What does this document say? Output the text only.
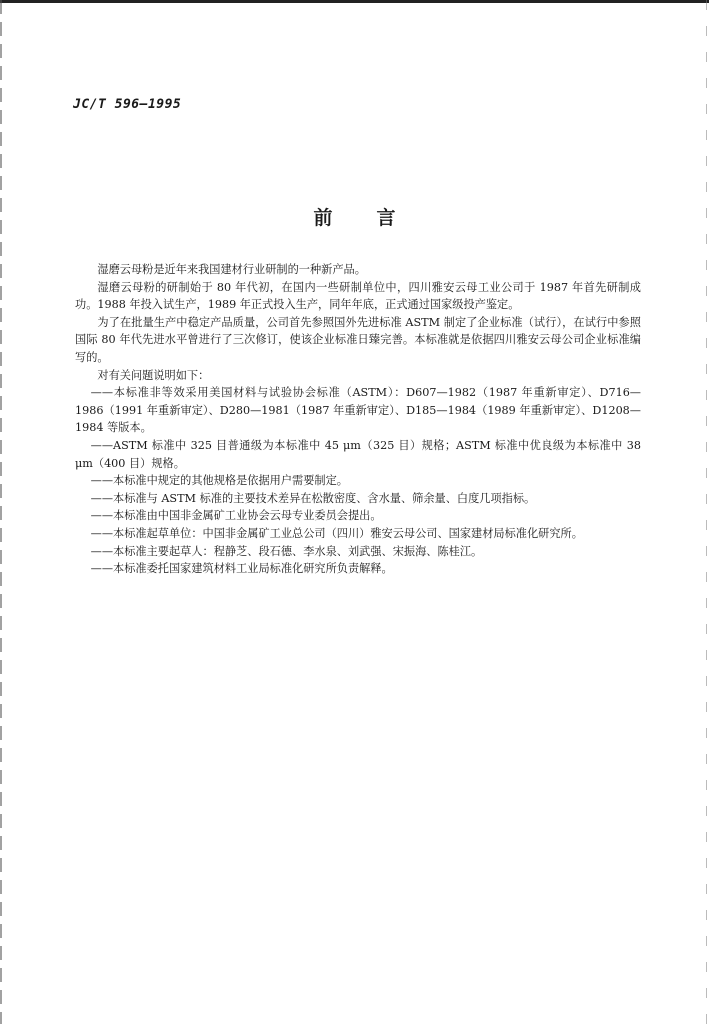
JC/T 596—1995
前言

湿磨云母粉是近年来我国建材行业研制的一种新产品。

湿磨云母粉的研制始于 80 年代初，在国内一些研制单位中，四川雅安云母工业公司于 1987 年首先研制成功。1988 年投入试生产，1989 年正式投入生产，同年年底，正式通过国家级投产鉴定。

为了在批量生产中稳定产品质量，公司首先参照国外先进标准 ASTM 制定了企业标准（试行），在试行中参照国际 80 年代先进水平曾进行了三次修订，使该企业标准日臻完善。本标准就是依据四川雅安云母公司企业标准编写的。

对有关问题说明如下：

——本标准非等效采用美国材料与试验协会标准（ASTM）：D607—1982（1987 年重新审定）、D716—1986（1991 年重新审定）、D280—1981（1987 年重新审定）、D185—1984（1989 年重新审定）、D1208—1984 等版本。

——ASTM 标准中 325 目普通级为本标准中 45 μm（325 目）规格；ASTM 标准中优良级为本标准中 38 μm（400 目）规格。

——本标准中规定的其他规格是依据用户需要制定。

——本标准与 ASTM 标准的主要技术差异在松散密度、含水量、筛余量、白度几项指标。

——本标准由中国非金属矿工业协会云母专业委员会提出。

——本标准起草单位：中国非金属矿工业总公司（四川）雅安云母公司、国家建材局标准化研究所。

——本标准主要起草人：程静芝、段石德、李水泉、刘武强、宋振海、陈桂江。

——本标准委托国家建筑材料工业局标准化研究所负责解释。
